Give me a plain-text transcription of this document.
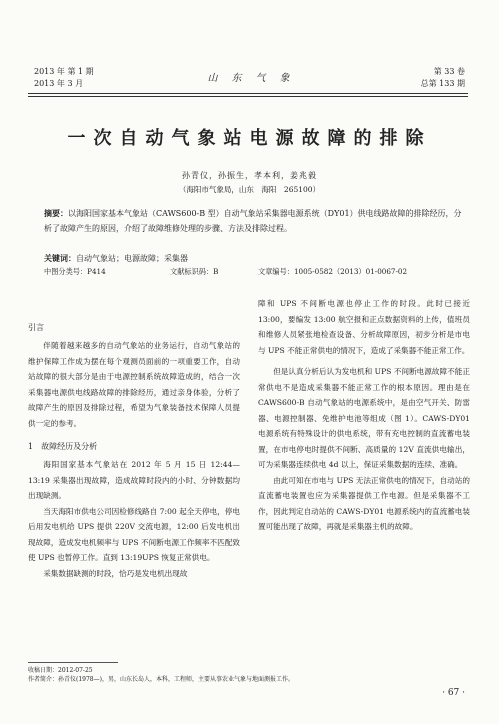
2013 年 第 1 期
2013 年 3 月	山　东　气　象
第 33 卷
总第 133 期
一次自动气象站电源故障的排除
孙青仪，孙振生，孝本利，姜兆毅
（海阳市气象局，山东　海阳　265100）
摘要：以海阳国家基本气象站（CAWS600-B 型）自动气象站采集器电源系统（DY01）供电线路故障的排除经历，分析了故障产生的原因，介绍了故障维修处理的步骤、方法及排除过程。
关键词：自动气象站；电源故障；采集器
中图分类号：P414	文献标识码：B	文章编号：1005-0582（2013）01-0067-02
引言

伴随着越来越多的自动气象站的业务运行，自动气象站的维护保障工作成为摆在每个观测员面前的一项重要工作，自动站故障的很大部分是由于电源控制系统故障造成的，结合一次采集器电源供电线路故障的排除经历，通过亲身体验，分析了故障产生的原因及排除过程，希望为气象装备技术保障人员提供一定的参考。

1　故障经历及分析

海阳国家基本气象站在 2012 年 5 月 15 日 12:44—13:19 采集器出现故障，造成故障时段内的小时、分钟数据均出现缺测。

当天海阳市供电公司因检修线路自 7:00 起全天停电，停电后用发电机给 UPS 提供 220V 交流电源，12:00 后发电机出现故障，造成发电机频率与 UPS 不间断电源工作频率不匹配致使 UPS 也暂停工作。直到 13:19UPS 恢复正常供电。

采集数据缺测的时段，恰巧是发电机出现故

障和 UPS 不间断电源也停止工作的时段。此时已接近 13:00，要编发 13:00 航空报和正点数据资料的上传，值班员和维修人员紧张地检查设备、分析故障原因，初步分析是市电与 UPS 不能正常供电的情况下，造成了采集器不能正常工作。

但是认真分析后认为发电机和 UPS 不间断电源故障不能正常供电不是造成采集器不能正常工作的根本原因。理由是在 CAWS600-B 自动气象站的电源系统中，是由空气开关、防雷器、电源控制器、免维护电池等组成（图 1）。CAWS-DY01 电源系统有特殊设计的供电系统，带有充电控制的直流蓄电装置，在市电停电时提供不间断、高质量的 12V 直流供电输出，可为采集器连续供电 4d 以上，保证采集数据的连续、准确。

由此可知在市电与 UPS 无法正常供电的情况下，自动站的直流蓄电装置也应为采集器提供工作电源。但是采集器不工作，因此判定自动站的 CAWS-DY01 电源系统内的直流蓄电装置可能出现了故障，再就是采集器主机的故障。

收稿日期：2012-07-25
作者简介：孙青仪(1978—)，男，山东长岛人，本科，工程师，主要从事农业气象与地面测报工作。
· 67 ·
